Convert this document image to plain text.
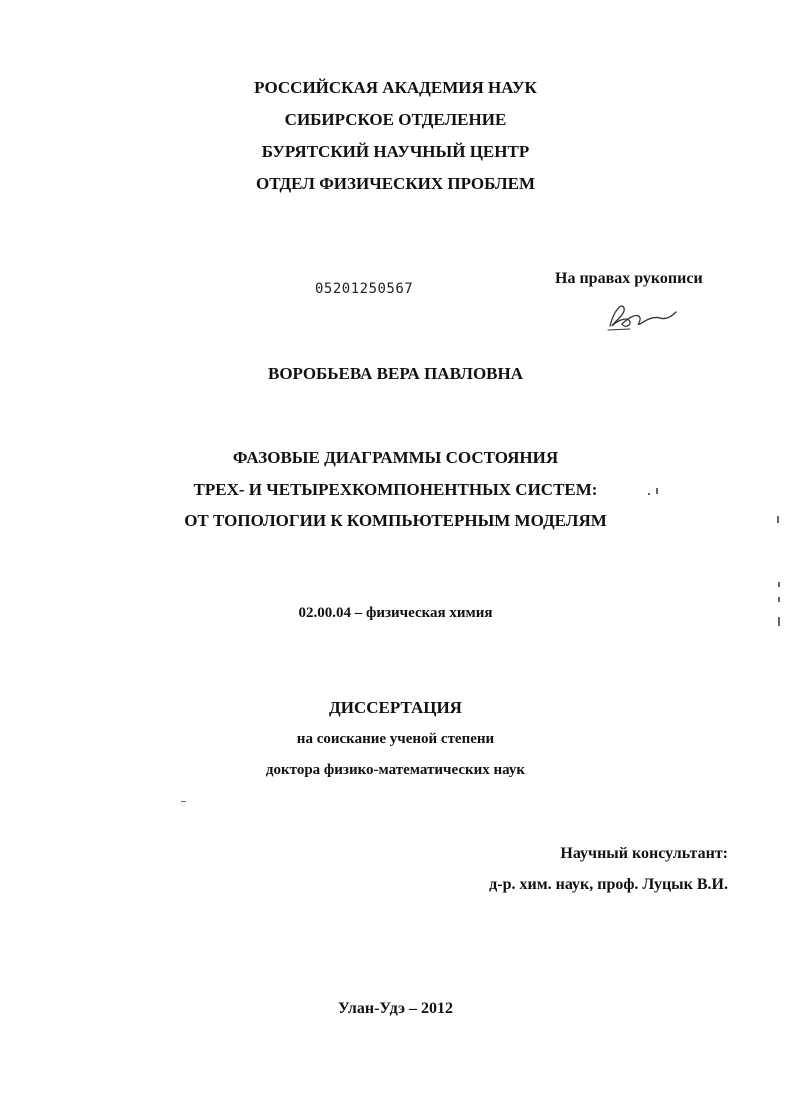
РОССИЙСКАЯ АКАДЕМИЯ НАУК
СИБИРСКОЕ ОТДЕЛЕНИЕ
БУРЯТСКИЙ НАУЧНЫЙ ЦЕНТР
ОТДЕЛ ФИЗИЧЕСКИХ ПРОБЛЕМ
05201250567
На правах рукописи
ВОРОБЬЕВА ВЕРА ПАВЛОВНА
ФАЗОВЫЕ ДИАГРАММЫ СОСТОЯНИЯ
ТРЕХ- И ЧЕТЫРЕХКОМПОНЕНТНЫХ СИСТЕМ:
ОТ ТОПОЛОГИИ К КОМПЬЮТЕРНЫМ МОДЕЛЯМ
02.00.04 – физическая химия
ДИССЕРТАЦИЯ
на соискание ученой степени
доктора физико-математических наук
Научный консультант:
д-р. хим. наук, проф. Луцык В.И.
Улан-Удэ – 2012
